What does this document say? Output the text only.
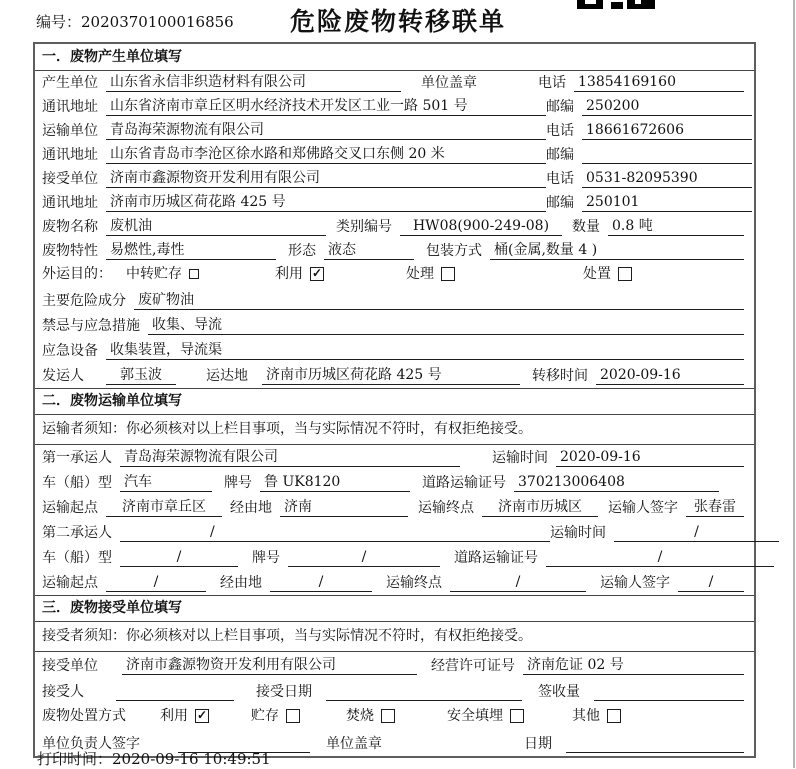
编号：2020370100016856	危险废物转移联单
一．废物产生单位填写
产生单位 山东省永信非织造材料有限公司	单位盖章	电话 13854169160
通讯地址 山东省济南市章丘区明水经济技术开发区工业一路 501 号	邮编 250200
运输单位 青岛海荣源物流有限公司	电话 18661672606
通讯地址 山东省青岛市李沧区徐水路和郑佛路交叉口东侧 20 米	邮编
接受单位 济南市鑫源物资开发利用有限公司	电话 0531-82095390
通讯地址 济南市历城区荷花路 425 号	邮编 250101
废物名称 废机油	类别编号	HW08(900-249-08)	数量 0.8 吨
废物特性 易燃性,毒性	形态 液态	包装方式 桶(金属,数量 4 )
外运目的： 中转贮存	利用 ✓	处理	处置
主要危险成分 废矿物油
禁忌与应急措施 收集、导流
应急设备 收集装置，导流渠
发运人	郭玉波	运达地 济南市历城区荷花路 425 号	转移时间 2020-09-16
二．废物运输单位填写
运输者须知：你必须核对以上栏目事项，当与实际情况不符时，有权拒绝接受。
第一承运人 青岛海荣源物流有限公司	运输时间 2020-09-16
车（船）型 汽车	牌号 鲁 UK8120	道路运输证号 370213006408
运输起点	济南市章丘区	经由地 济南	运输终点	济南市历城区	运输人签字	张春雷
第二承运人	/	运输时间	/
车（船）型	/	牌号	/	道路运输证号	/
运输起点	/	经由地	/	运输终点	/	运输人签字	/
三．废物接受单位填写
接受者须知：你必须核对以上栏目事项，当与实际情况不符时，有权拒绝接受。
接受单位 济南市鑫源物资开发利用有限公司	经营许可证号 济南危证 02 号
接受人	接受日期	签收量
废物处置方式 利用 ✓	贮存	焚烧	安全填埋	其他
单位负责人签字	单位盖章	日期
打印时间：2020-09-16 10:49:51
